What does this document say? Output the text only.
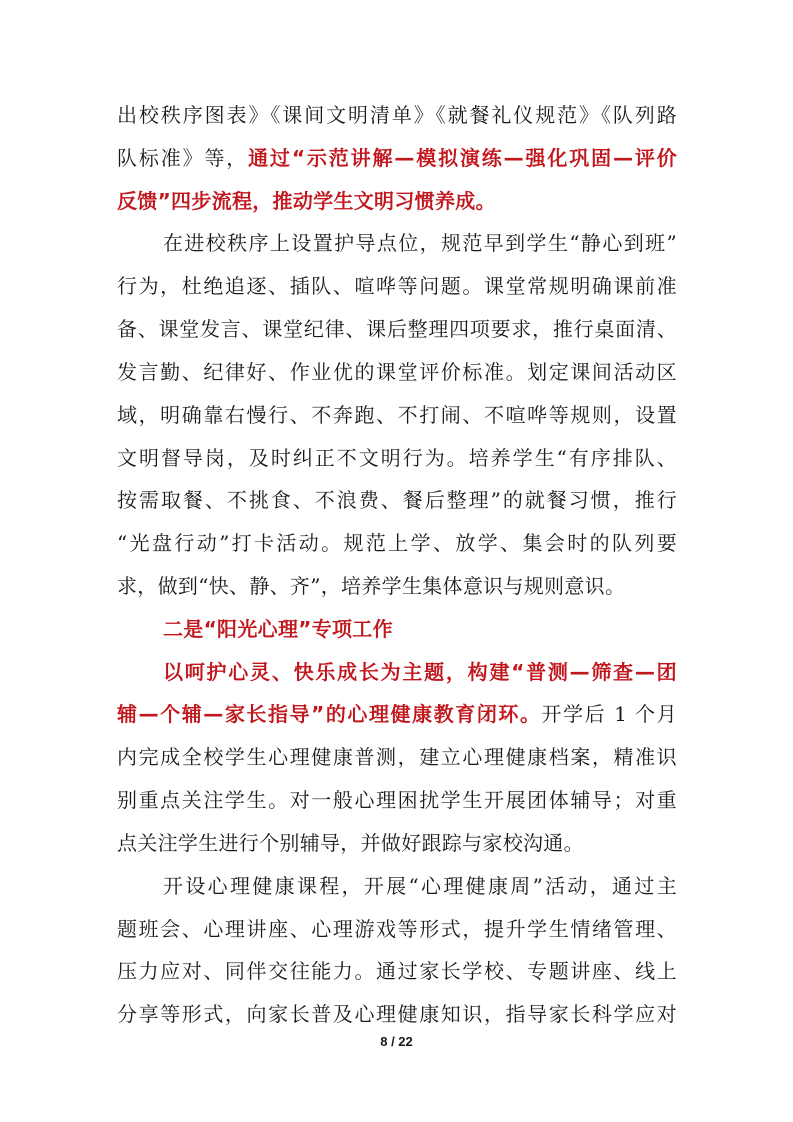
出校秩序图表》《课间文明清单》《就餐礼仪规范》《队列路
队标准》等，通过“示范讲解—模拟演练—强化巩固—评价
反馈”四步流程，推动学生文明习惯养成。
在进校秩序上设置护导点位，规范早到学生“静心到班”
行为，杜绝追逐、插队、喧哗等问题。课堂常规明确课前准
备、课堂发言、课堂纪律、课后整理四项要求，推行桌面清、
发言勤、纪律好、作业优的课堂评价标准。划定课间活动区
域，明确靠右慢行、不奔跑、不打闹、不喧哗等规则，设置
文明督导岗，及时纠正不文明行为。培养学生“有序排队、
按需取餐、不挑食、不浪费、餐后整理”的就餐习惯，推行
“光盘行动”打卡活动。规范上学、放学、集会时的队列要
求，做到“快、静、齐”，培养学生集体意识与规则意识。
二是“阳光心理”专项工作
以呵护心灵、快乐成长为主题，构建“普测—筛查—团
辅—个辅—家长指导”的心理健康教育闭环。开学后 1 个月
内完成全校学生心理健康普测，建立心理健康档案，精准识
别重点关注学生。对一般心理困扰学生开展团体辅导；对重
点关注学生进行个别辅导，并做好跟踪与家校沟通。
开设心理健康课程，开展“心理健康周”活动，通过主
题班会、心理讲座、心理游戏等形式，提升学生情绪管理、
压力应对、同伴交往能力。通过家长学校、专题讲座、线上
分享等形式，向家长普及心理健康知识，指导家长科学应对
8 / 22
